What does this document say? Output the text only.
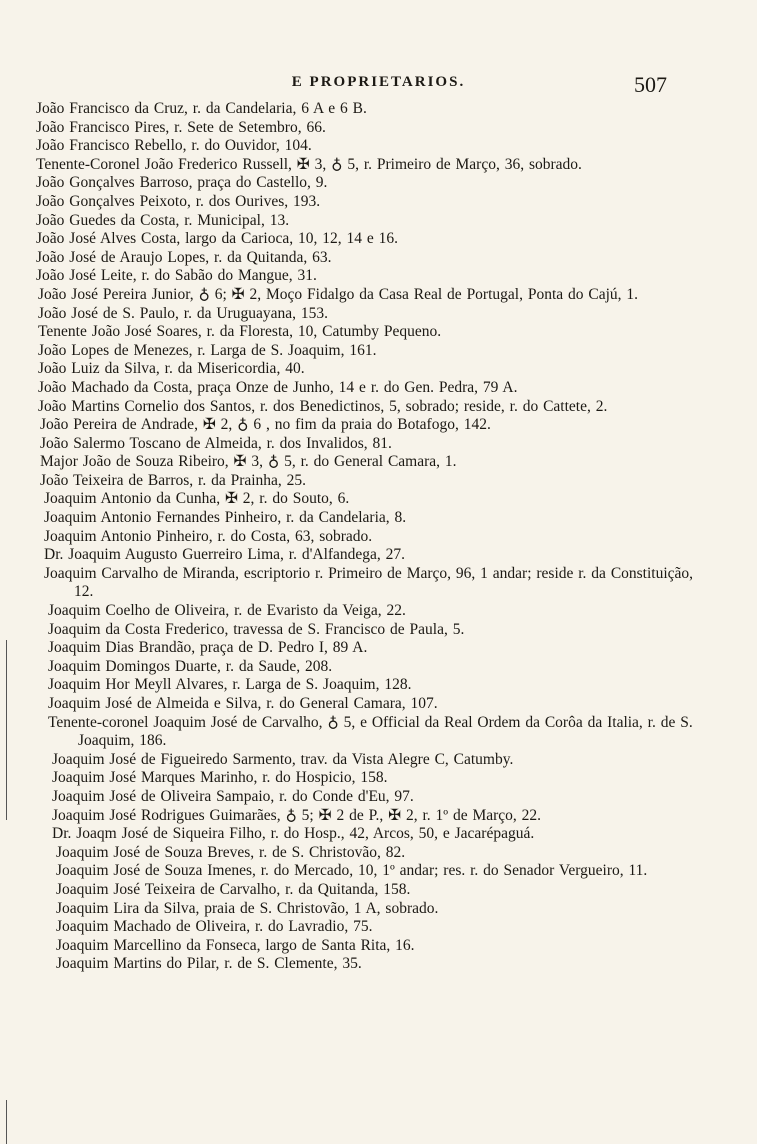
E PROPRIETARIOS.	507
João Francisco da Cruz, r. da Candelaria, 6 A e 6 B.
João Francisco Pires, r. Sete de Setembro, 66.
João Francisco Rebello, r. do Ouvidor, 104.
Tenente-Coronel João Frederico Russell, ✠ 3, ♁ 5, r. Primeiro de Março, 36, sobrado.
João Gonçalves Barroso, praça do Castello, 9.
João Gonçalves Peixoto, r. dos Ourives, 193.
João Guedes da Costa, r. Municipal, 13.
João José Alves Costa, largo da Carioca, 10, 12, 14 e 16.
João José de Araujo Lopes, r. da Quitanda, 63.
João José Leite, r. do Sabão do Mangue, 31.
João José Pereira Junior, ♁ 6; ✠ 2, Moço Fidalgo da Casa Real de Portugal, Ponta do Cajú, 1.
João José de S. Paulo, r. da Uruguayana, 153.
Tenente João José Soares, r. da Floresta, 10, Catumby Pequeno.
João Lopes de Menezes, r. Larga de S. Joaquim, 161.
João Luiz da Silva, r. da Misericordia, 40.
João Machado da Costa, praça Onze de Junho, 14 e r. do Gen. Pedra, 79 A.
João Martins Cornelio dos Santos, r. dos Benedictinos, 5, sobrado; reside, r. do Cattete, 2.
João Pereira de Andrade, ✠ 2, ♁ 6 , no fim da praia do Botafogo, 142.
João Salermo Toscano de Almeida, r. dos Invalidos, 81.
Major João de Souza Ribeiro, ✠ 3, ♁ 5, r. do General Camara, 1.
João Teixeira de Barros, r. da Prainha, 25.
Joaquim Antonio da Cunha, ✠ 2, r. do Souto, 6.
Joaquim Antonio Fernandes Pinheiro, r. da Candelaria, 8.
Joaquim Antonio Pinheiro, r. do Costa, 63, sobrado.
Dr. Joaquim Augusto Guerreiro Lima, r. d'Alfandega, 27.
Joaquim Carvalho de Miranda, escriptorio r. Primeiro de Março, 96, 1 andar; reside r. da Constituição, 12.
Joaquim Coelho de Oliveira, r. de Evaristo da Veiga, 22.
Joaquim da Costa Frederico, travessa de S. Francisco de Paula, 5.
Joaquim Dias Brandão, praça de D. Pedro I, 89 A.
Joaquim Domingos Duarte, r. da Saude, 208.
Joaquim Hor Meyll Alvares, r. Larga de S. Joaquim, 128.
Joaquim José de Almeida e Silva, r. do General Camara, 107.
Tenente-coronel Joaquim José de Carvalho, ♁ 5, e Official da Real Ordem da Corôa da Italia, r. de S. Joaquim, 186.
Joaquim José de Figueiredo Sarmento, trav. da Vista Alegre C, Catumby.
Joaquim José Marques Marinho, r. do Hospicio, 158.
Joaquim José de Oliveira Sampaio, r. do Conde d'Eu, 97.
Joaquim José Rodrigues Guimarães, ♁ 5; ✠ 2 de P., ✠ 2, r. 1º de Março, 22.
Dr. Joaqm José de Siqueira Filho, r. do Hosp., 42, Arcos, 50, e Jacarépaguá.
Joaquim José de Souza Breves, r. de S. Christovão, 82.
Joaquim José de Souza Imenes, r. do Mercado, 10, 1º andar; res. r. do Senador Vergueiro, 11.
Joaquim José Teixeira de Carvalho, r. da Quitanda, 158.
Joaquim Lira da Silva, praia de S. Christovão, 1 A, sobrado.
Joaquim Machado de Oliveira, r. do Lavradio, 75.
Joaquim Marcellino da Fonseca, largo de Santa Rita, 16.
Joaquim Martins do Pilar, r. de S. Clemente, 35.
